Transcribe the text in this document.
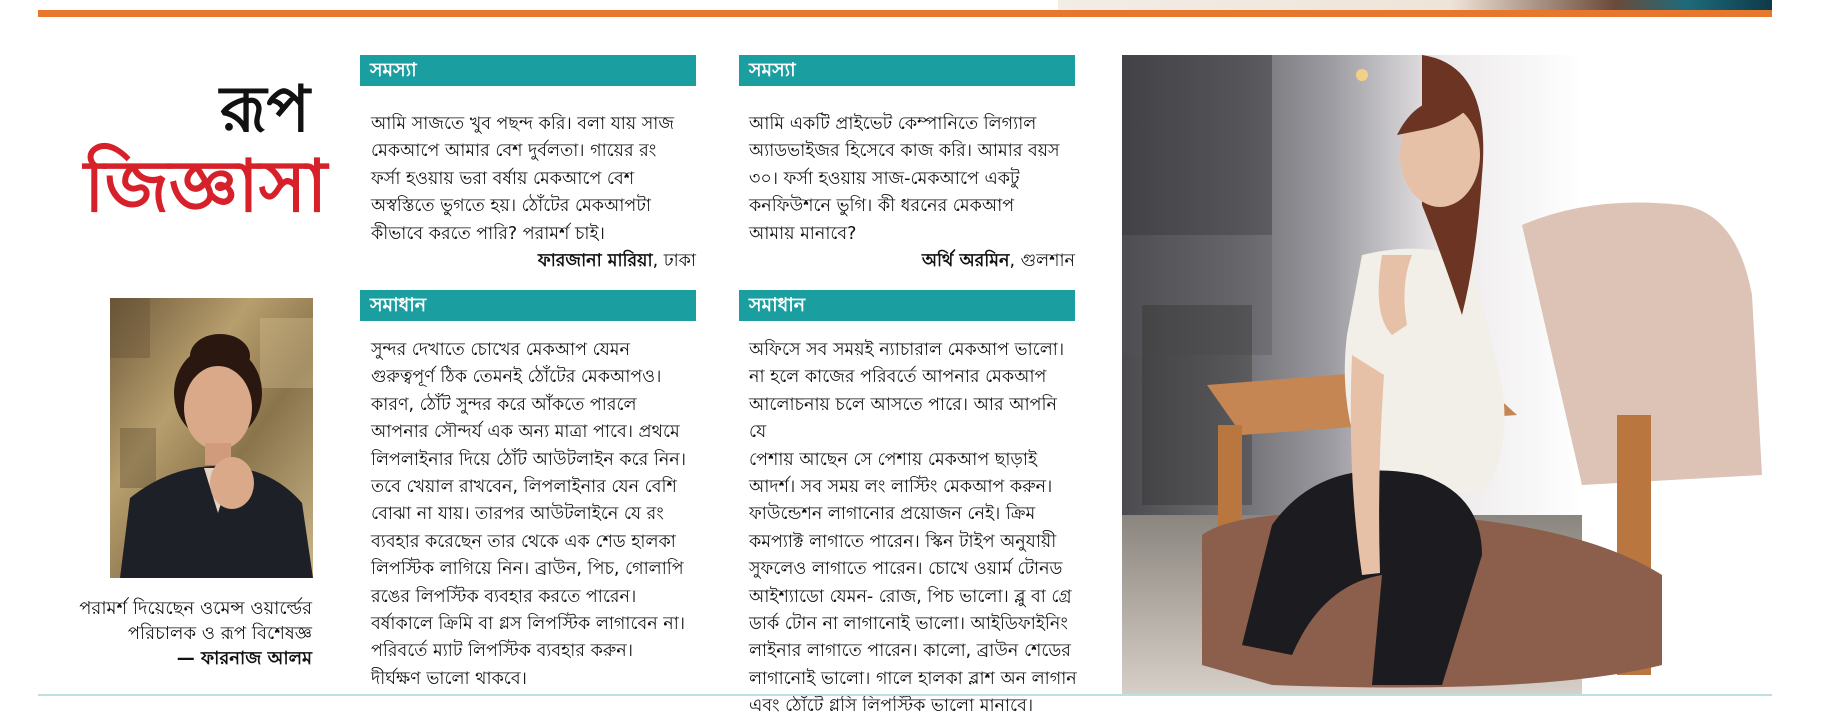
রূপ
জিজ্ঞাসা
পরামর্শ দিয়েছেন ওমেন্স ওয়ার্ল্ডের
পরিচালক ও রূপ বিশেষজ্ঞ
— ফারনাজ আলম
সমস্যা
আমি সাজতে খুব পছন্দ করি। বলা যায় সাজ
মেকআপে আমার বেশ দুর্বলতা। গায়ের রং
ফর্সা হওয়ায় ভরা বর্ষায় মেকআপে বেশ
অস্বস্তিতে ভুগতে হয়। ঠোঁটের মেকআপটা
কীভাবে করতে পারি? পরামর্শ চাই।
ফারজানা মারিয়া, ঢাকা
সমাধান
সুন্দর দেখাতে চোখের মেকআপ যেমন
গুরুত্বপূর্ণ ঠিক তেমনই ঠোঁটের মেকআপও।
কারণ, ঠোঁট সুন্দর করে আঁকতে পারলে
আপনার সৌন্দর্য এক অন্য মাত্রা পাবে। প্রথমে
লিপলাইনার দিয়ে ঠোঁট আউটলাইন করে নিন।
তবে খেয়াল রাখবেন, লিপলাইনার যেন বেশি
বোঝা না যায়। তারপর আউটলাইনে যে রং
ব্যবহার করেছেন তার থেকে এক শেড হালকা
লিপস্টিক লাগিয়ে নিন। ব্রাউন, পিচ, গোলাপি
রঙের লিপস্টিক ব্যবহার করতে পারেন।
বর্ষাকালে ক্রিমি বা গ্লস লিপস্টিক লাগাবেন না।
পরিবর্তে ম্যাট লিপস্টিক ব্যবহার করুন।
দীর্ঘক্ষণ ভালো থাকবে।
সমস্যা
আমি একটি প্রাইভেট কেম্পানিতে লিগ্যাল
অ্যাডভাইজর হিসেবে কাজ করি। আমার বয়স
৩০। ফর্সা হওয়ায় সাজ-মেকআপে একটু
কনফিউশনে ভুগি। কী ধরনের মেকআপ
আমায় মানাবে?
অর্থি অরমিন, গুলশান
সমাধান
অফিসে সব সময়ই ন্যাচারাল মেকআপ ভালো।
না হলে কাজের পরিবর্তে আপনার মেকআপ
আলোচনায় চলে আসতে পারে। আর আপনি যে
পেশায় আছেন সে পেশায় মেকআপ ছাড়াই
আদর্শ। সব সময় লং লাস্টিং মেকআপ করুন।
ফাউন্ডেশন লাগানোর প্রয়োজন নেই। ক্রিম
কমপ্যাক্ট লাগাতে পারেন। স্কিন টাইপ অনুযায়ী
সুফলেও লাগাতে পারেন। চোখে ওয়ার্ম টোনড
আইশ্যাডো যেমন- রোজ, পিচ ভালো। ব্লু বা গ্রে
ডার্ক টোন না লাগানোই ভালো। আইডিফাইনিং
লাইনার লাগাতে পারেন। কালো, ব্রাউন শেডের
লাগানোই ভালো। গালে হালকা ব্লাশ অন লাগান
এবং ঠোঁটে গ্লসি লিপস্টিক ভালো মানাবে।
